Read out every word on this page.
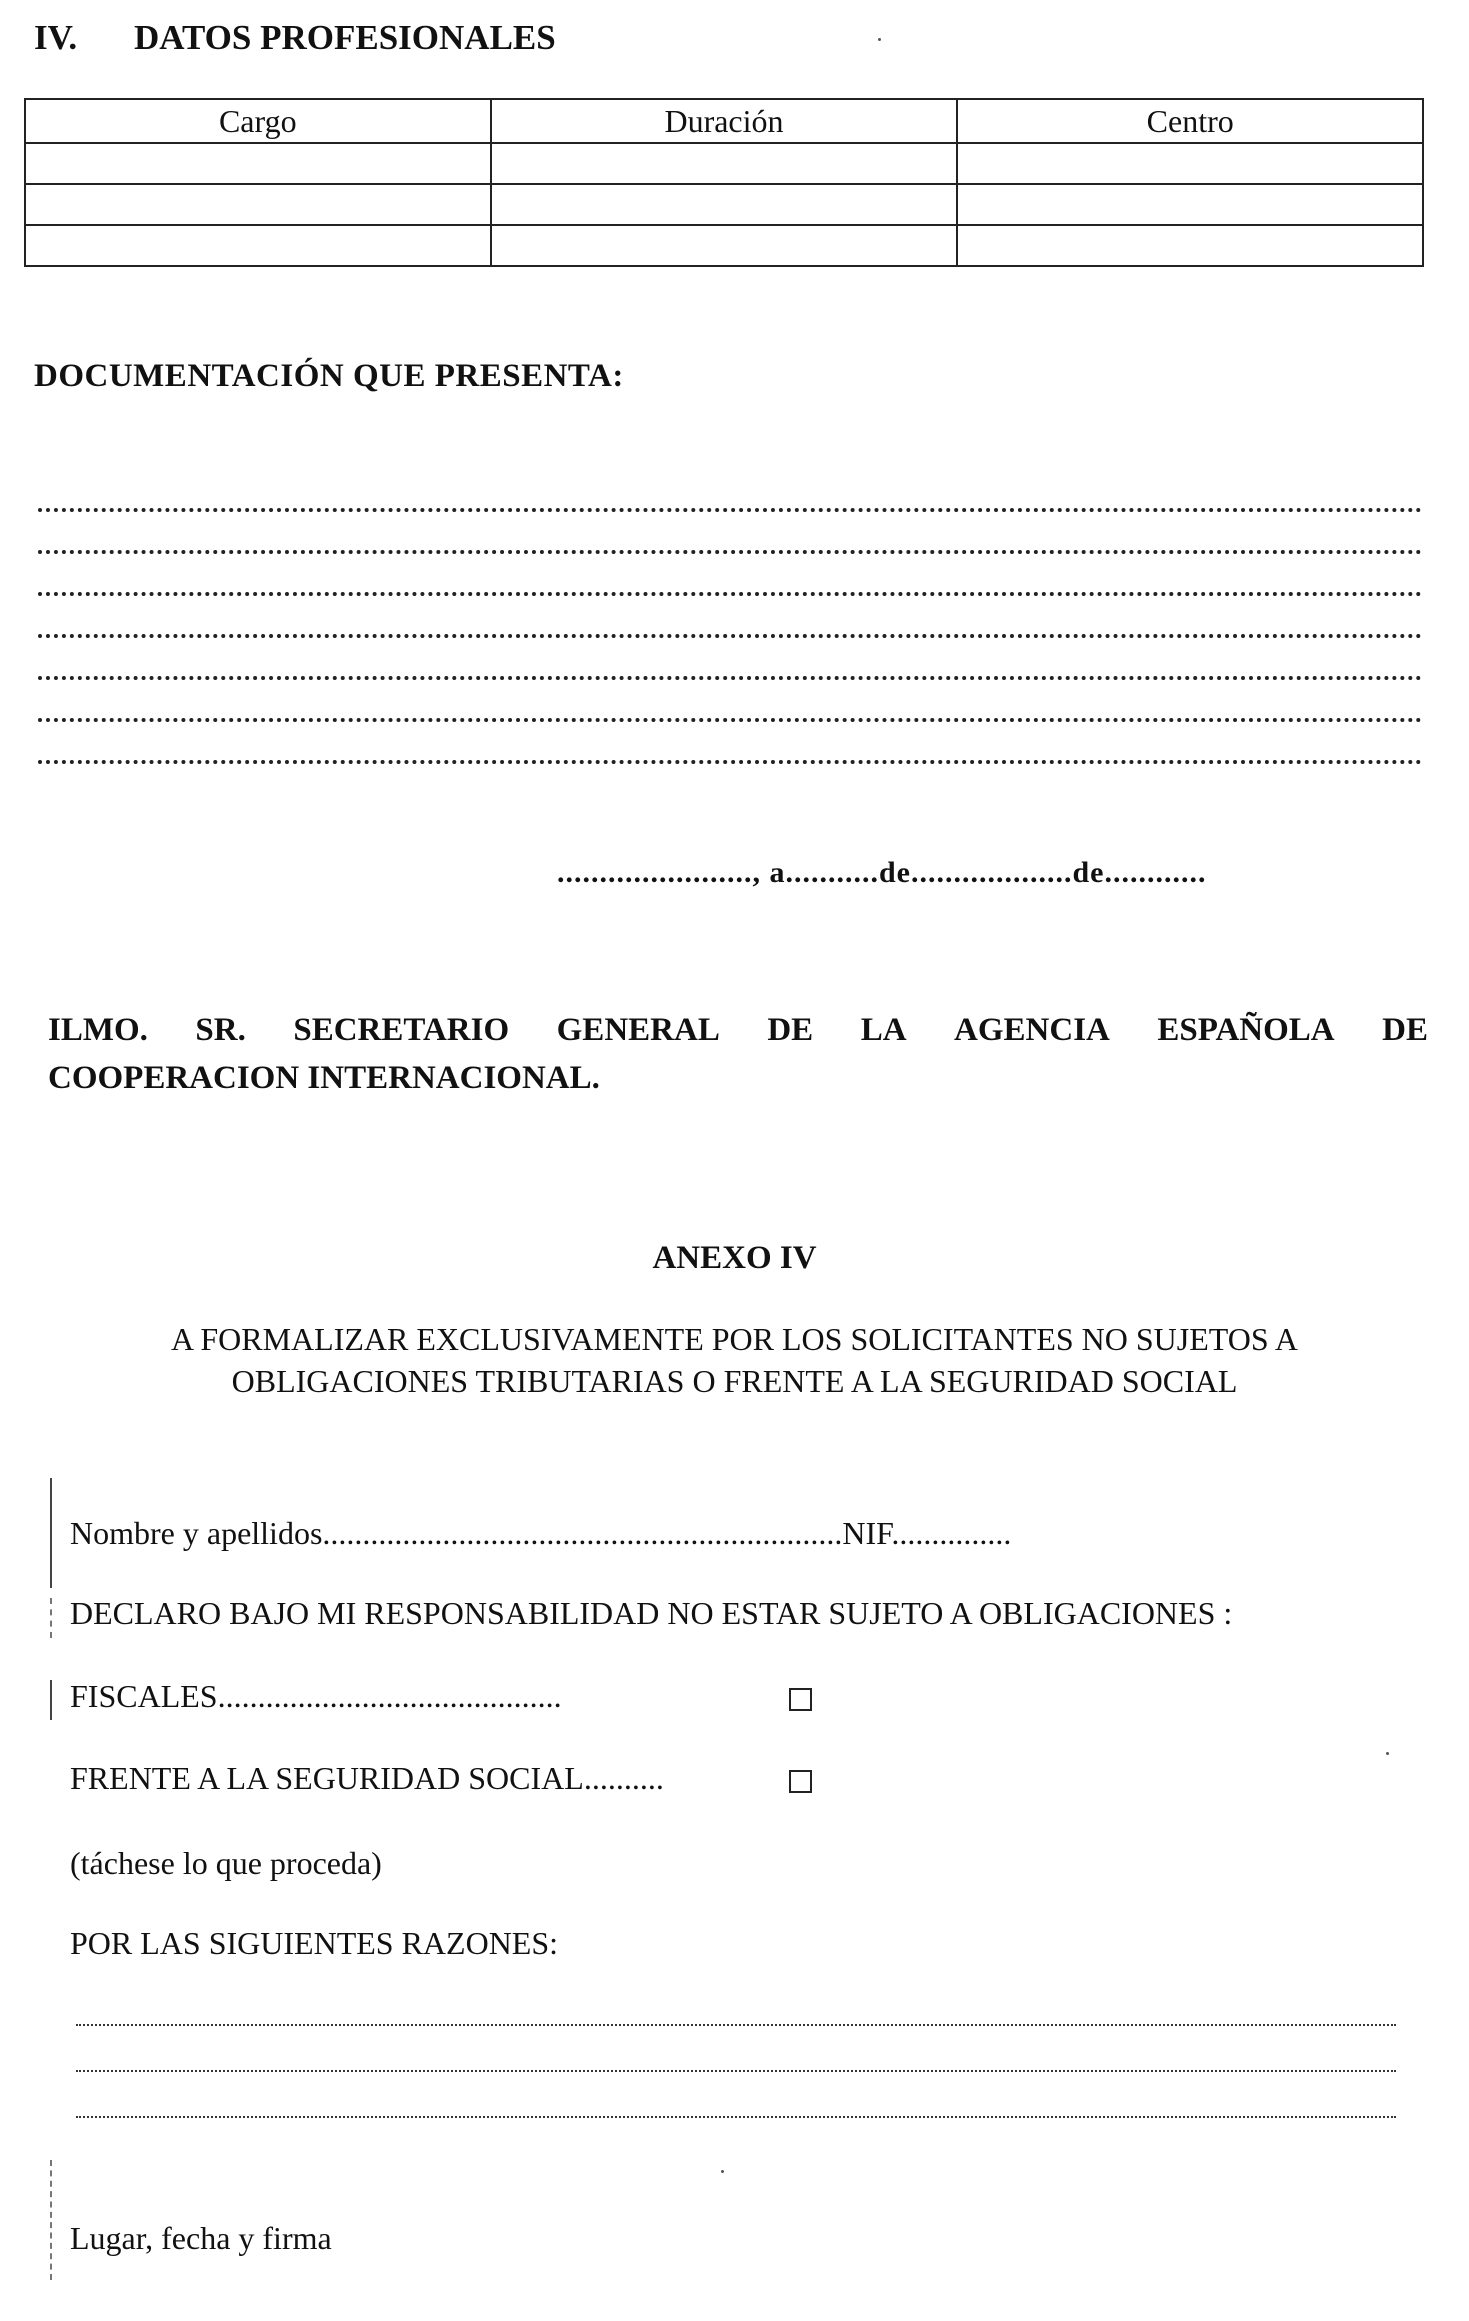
IV. DATOS PROFESIONALES
Cargo	Duración	Centro

DOCUMENTACIÓN QUE PRESENTA:
......................., a...........de...................de............
ILMO. SR. SECRETARIO GENERAL DE LA AGENCIA ESPAÑOLA DE
COOPERACION INTERNACIONAL.
ANEXO IV
A FORMALIZAR EXCLUSIVAMENTE POR LOS SOLICITANTES NO SUJETOS A
OBLIGACIONES TRIBUTARIAS O FRENTE A LA SEGURIDAD SOCIAL
Nombre y apellidos.................................................................NIF...............
DECLARO BAJO MI RESPONSABILIDAD NO ESTAR SUJETO A OBLIGACIONES :
FISCALES...........................................
FRENTE A LA SEGURIDAD SOCIAL..........
(táchese lo que proceda)
POR LAS SIGUIENTES RAZONES:
Lugar, fecha y firma
